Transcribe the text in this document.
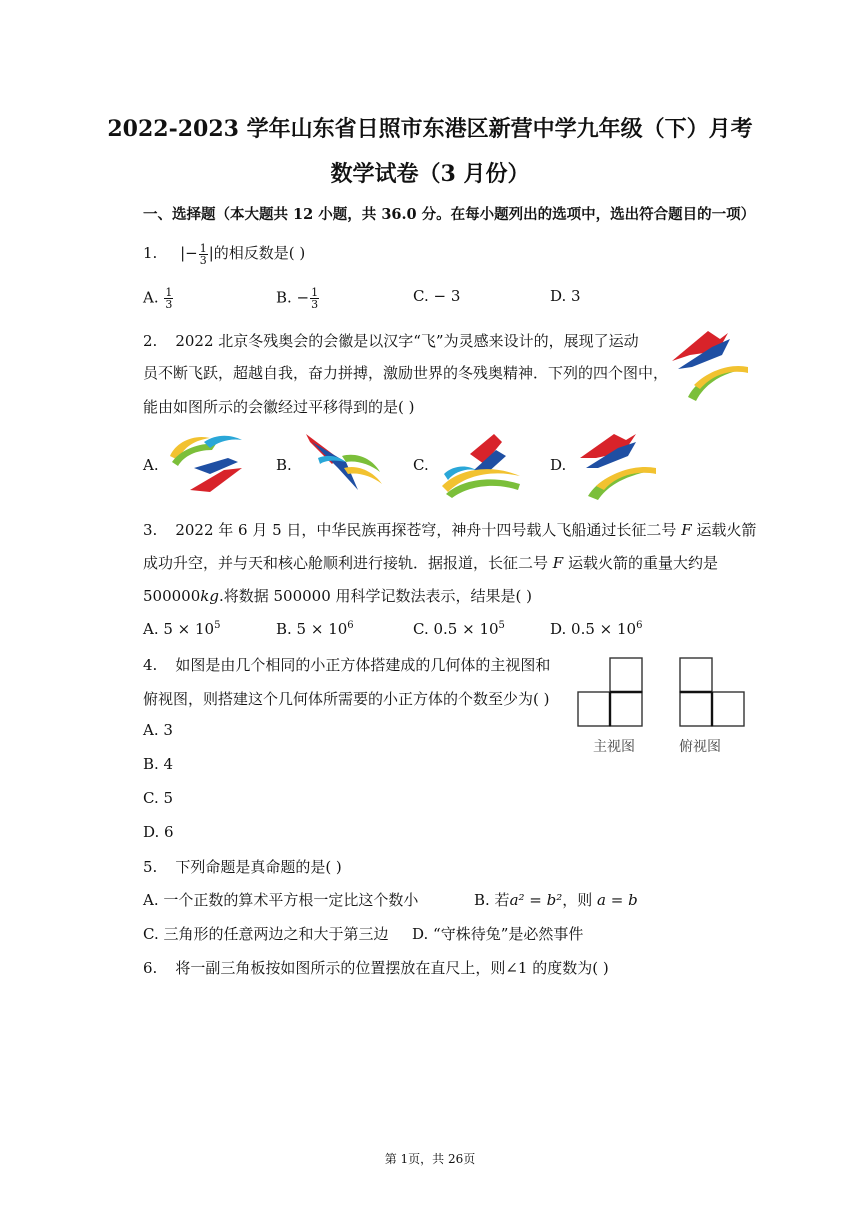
2022-2023 学年山东省日照市东港区新营中学九年级（下）月考
数学试卷（3 月份）
一、选择题（本大题共 12 小题，共 36.0 分。在每小题列出的选项中，选出符合题目的一项）
1. |− $\frac{1}{3}$ |的相反数是( )
A. $\frac{1}{3}$	B. − $\frac{1}{3}$	C. − 3	D. 3
2. 2022 北京冬残奥会的会徽是以汉字“飞”为灵感来设计的，展现了运动
员不断飞跃，超越自我，奋力拼搏，激励世界的冬残奥精神．下列的四个图中，
能由如图所示的会徽经过平移得到的是( )
A.	B.	C.	D.
3. 2022 年 6 月 5 日，中华民族再探苍穹，神舟十四号载人飞船通过长征二号 F 运载火箭
成功升空，并与天和核心舱顺利进行接轨．据报道，长征二号 F 运载火箭的重量大约是
500000kg.将数据 500000 用科学记数法表示，结果是( )
A. $5 \times 10^5$	B. $5 \times 10^6$	C. $0.5 \times 10^5$	D. $0.5 \times 10^6$
4. 如图是由几个相同的小正方体搭建成的几何体的主视图和
俯视图，则搭建这个几何体所需要的小正方体的个数至少为( )
A. 3
B. 4
C. 5
D. 6
主视图	俯视图
5. 下列命题是真命题的是( )
A. 一个正数的算术平方根一定比这个数小	B. 若a² = b²，则 a = b
C. 三角形的任意两边之和大于第三边 D. “守株待兔”是必然事件
6. 将一副三角板按如图所示的位置摆放在直尺上，则∠1 的度数为( )
第 1页，共 26页
